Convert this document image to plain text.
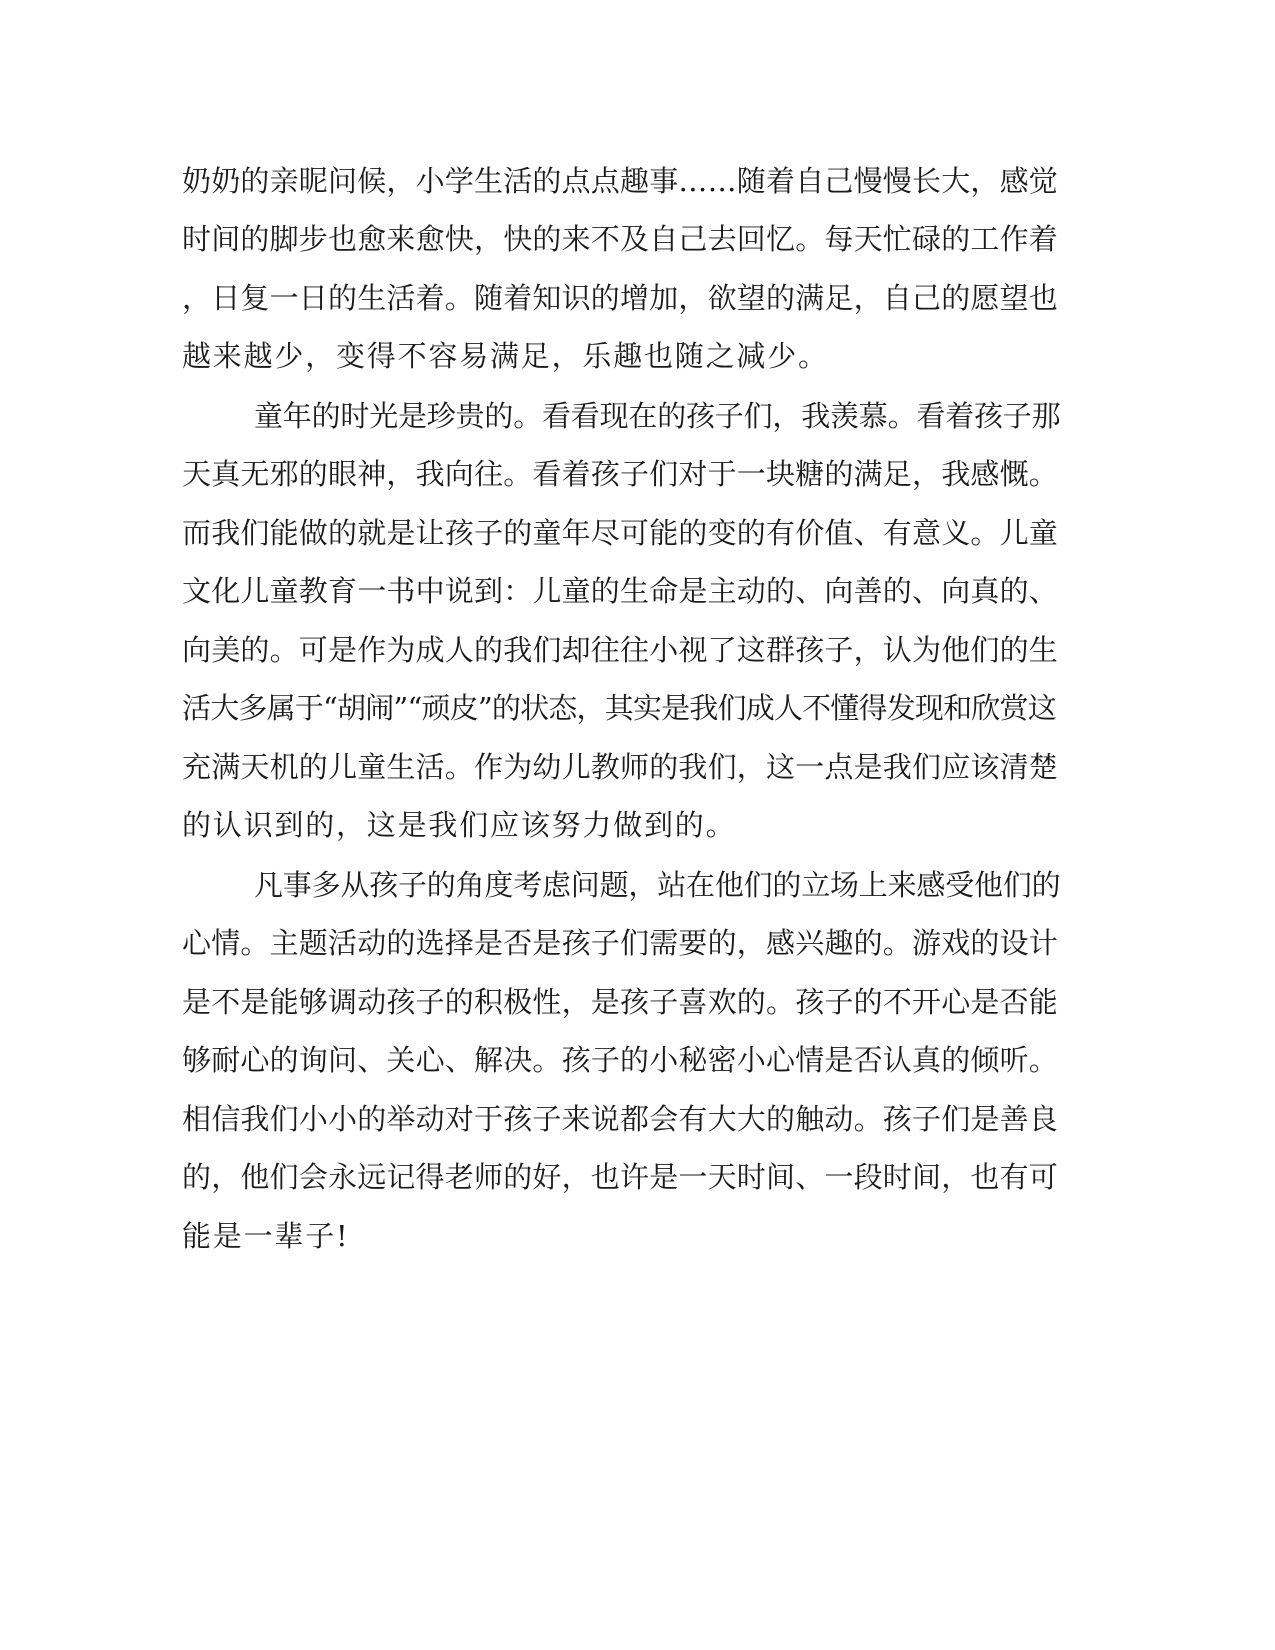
奶奶的亲昵问候，小学生活的点点趣事……随着自己慢慢长大，感觉
时间的脚步也愈来愈快，快的来不及自己去回忆。每天忙碌的工作着
，日复一日的生活着。随着知识的增加，欲望的满足，自己的愿望也
越来越少，变得不容易满足，乐趣也随之减少。
童年的时光是珍贵的。看看现在的孩子们，我羡慕。看着孩子那
天真无邪的眼神，我向往。看着孩子们对于一块糖的满足，我感慨。
而我们能做的就是让孩子的童年尽可能的变的有价值、有意义。儿童
文化儿童教育一书中说到：儿童的生命是主动的、向善的、向真的、
向美的。可是作为成人的我们却往往小视了这群孩子，认为他们的生
活大多属于“胡闹”“顽皮”的状态，其实是我们成人不懂得发现和欣赏这
充满天机的儿童生活。作为幼儿教师的我们，这一点是我们应该清楚
的认识到的，这是我们应该努力做到的。
凡事多从孩子的角度考虑问题，站在他们的立场上来感受他们的
心情。主题活动的选择是否是孩子们需要的，感兴趣的。游戏的设计
是不是能够调动孩子的积极性，是孩子喜欢的。孩子的不开心是否能
够耐心的询问、关心、解决。孩子的小秘密小心情是否认真的倾听。
相信我们小小的举动对于孩子来说都会有大大的触动。孩子们是善良
的，他们会永远记得老师的好，也许是一天时间、一段时间，也有可
能是一辈子!
